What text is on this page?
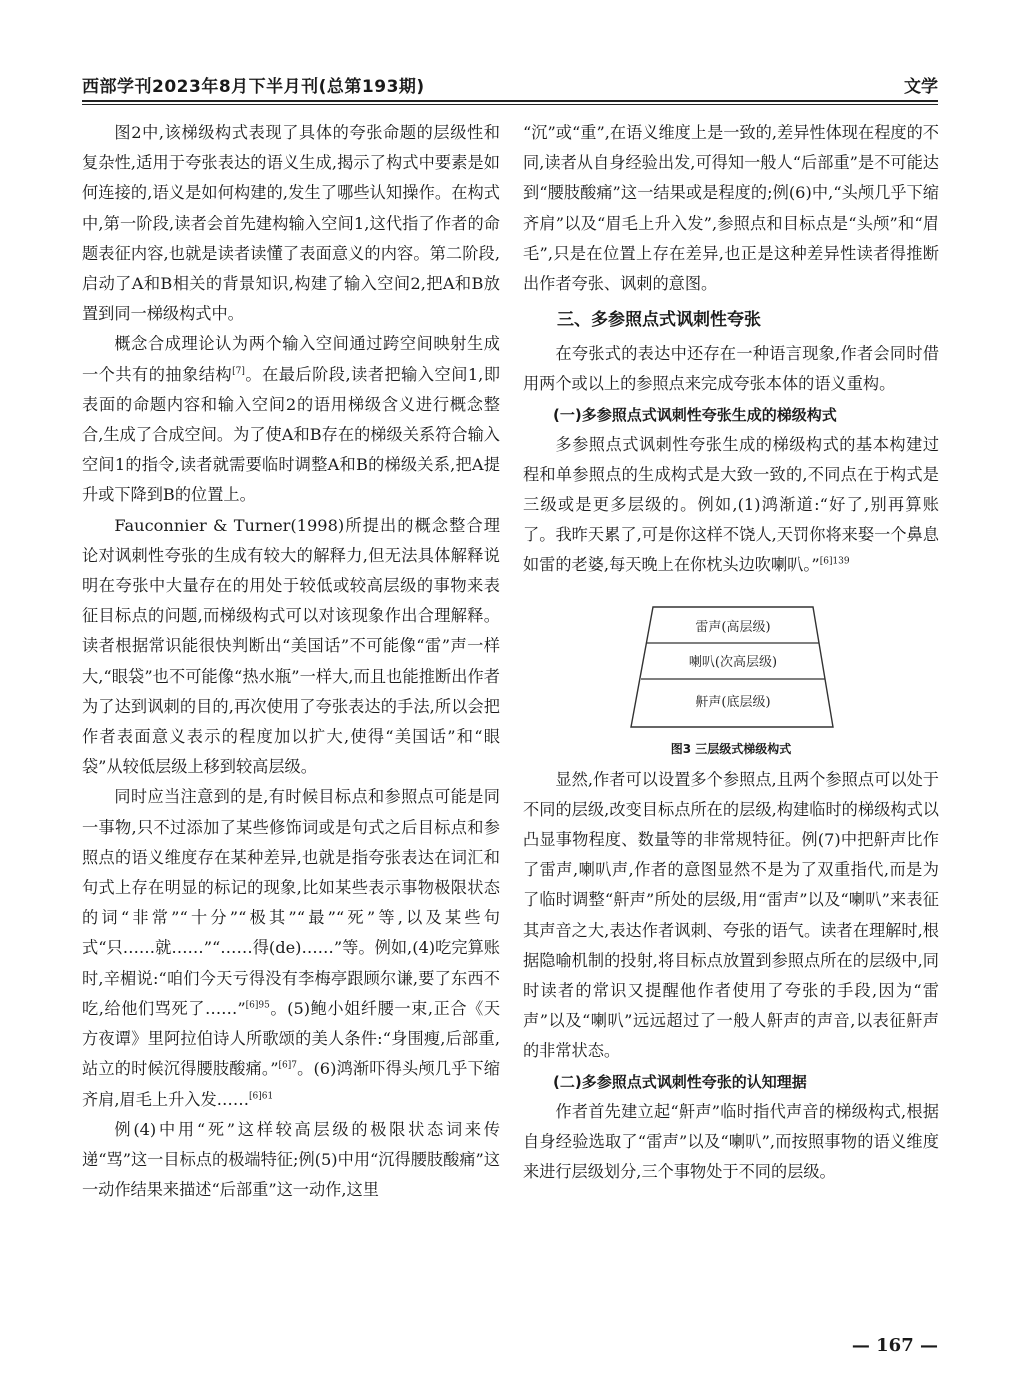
西部学刊2023年8月下半月刊(总第193期)	文学

图2中,该梯级构式表现了具体的夸张命题的层级性和复杂性,适用于夸张表达的语义生成,揭示了构式中要素是如何连接的,语义是如何构建的,发生了哪些认知操作。在构式中,第一阶段,读者会首先建构输入空间1,这代指了作者的命题表征内容,也就是读者读懂了表面意义的内容。第二阶段,启动了A和B相关的背景知识,构建了输入空间2,把A和B放置到同一梯级构式中。

概念合成理论认为两个输入空间通过跨空间映射生成一个共有的抽象结构[7]。在最后阶段,读者把输入空间1,即表面的命题内容和输入空间2的语用梯级含义进行概念整合,生成了合成空间。为了使A和B存在的梯级关系符合输入空间1的指令,读者就需要临时调整A和B的梯级关系,把A提升或下降到B的位置上。

Fauconnier & Turner(1998)所提出的概念整合理论对讽刺性夸张的生成有较大的解释力,但无法具体解释说明在夸张中大量存在的用处于较低或较高层级的事物来表征目标点的问题,而梯级构式可以对该现象作出合理解释。读者根据常识能很快判断出“美国话”不可能像“雷”声一样大,“眼袋”也不可能像“热水瓶”一样大,而且也能推断出作者为了达到讽刺的目的,再次使用了夸张表达的手法,所以会把作者表面意义表示的程度加以扩大,使得“美国话”和“眼袋”从较低层级上移到较高层级。

同时应当注意到的是,有时候目标点和参照点可能是同一事物,只不过添加了某些修饰词或是句式之后目标点和参照点的语义维度存在某种差异,也就是指夸张表达在词汇和句式上存在明显的标记的现象,比如某些表示事物极限状态的词“非常”“十分”“极其”“最”“死”等,以及某些句式“只……就……”“……得(de)……”等。例如,(4)吃完算账时,辛楣说:“咱们今天亏得没有李梅亭跟顾尔谦,要了东西不吃,给他们骂死了……”$^{[6]95}$。(5)鲍小姐纤腰一束,正合《天方夜谭》里阿拉伯诗人所歌颂的美人条件:“身围瘦,后部重,站立的时候沉得腰肢酸痛。”$^{[6]7}$。(6)鸿渐吓得头颅几乎下缩齐肩,眉毛上升入发……$^{[6]61}$

例(4)中用“死”这样较高层级的极限状态词来传递“骂”这一目标点的极端特征;例(5)中用“沉得腰肢酸痛”这一动作结果来描述“后部重”这一动作,这里

“沉”或“重”,在语义维度上是一致的,差异性体现在程度的不同,读者从自身经验出发,可得知一般人“后部重”是不可能达到“腰肢酸痛”这一结果或是程度的;例(6)中,“头颅几乎下缩齐肩”以及“眉毛上升入发”,参照点和目标点是“头颅”和“眉毛”,只是在位置上存在差异,也正是这种差异性读者得推断出作者夸张、讽刺的意图。

三、多参照点式讽刺性夸张

在夸张式的表达中还存在一种语言现象,作者会同时借用两个或以上的参照点来完成夸张本体的语义重构。

(一)多参照点式讽刺性夸张生成的梯级构式

多参照点式讽刺性夸张生成的梯级构式的基本构建过程和单参照点的生成构式是大致一致的,不同点在于构式是三级或是更多层级的。例如,(1)鸿渐道:“好了,别再算账了。我昨天累了,可是你这样不饶人,天罚你将来娶一个鼻息如雷的老婆,每天晚上在你枕头边吹喇叭。”$^{[6]139}$

雷声(高层级)
喇叭(次高层级)
鼾声(底层级)
图3 三层级式梯级构式

显然,作者可以设置多个参照点,且两个参照点可以处于不同的层级,改变目标点所在的层级,构建临时的梯级构式以凸显事物程度、数量等的非常规特征。例(7)中把鼾声比作了雷声,喇叭声,作者的意图显然不是为了双重指代,而是为了临时调整“鼾声”所处的层级,用“雷声”以及“喇叭”来表征其声音之大,表达作者讽刺、夸张的语气。读者在理解时,根据隐喻机制的投射,将目标点放置到参照点所在的层级中,同时读者的常识又提醒他作者使用了夸张的手段,因为“雷声”以及“喇叭”远远超过了一般人鼾声的声音,以表征鼾声的非常状态。

(二)多参照点式讽刺性夸张的认知理据

作者首先建立起“鼾声”临时指代声音的梯级构式,根据自身经验选取了“雷声”以及“喇叭”,而按照事物的语义维度来进行层级划分,三个事物处于不同的层级。

— 167 —
